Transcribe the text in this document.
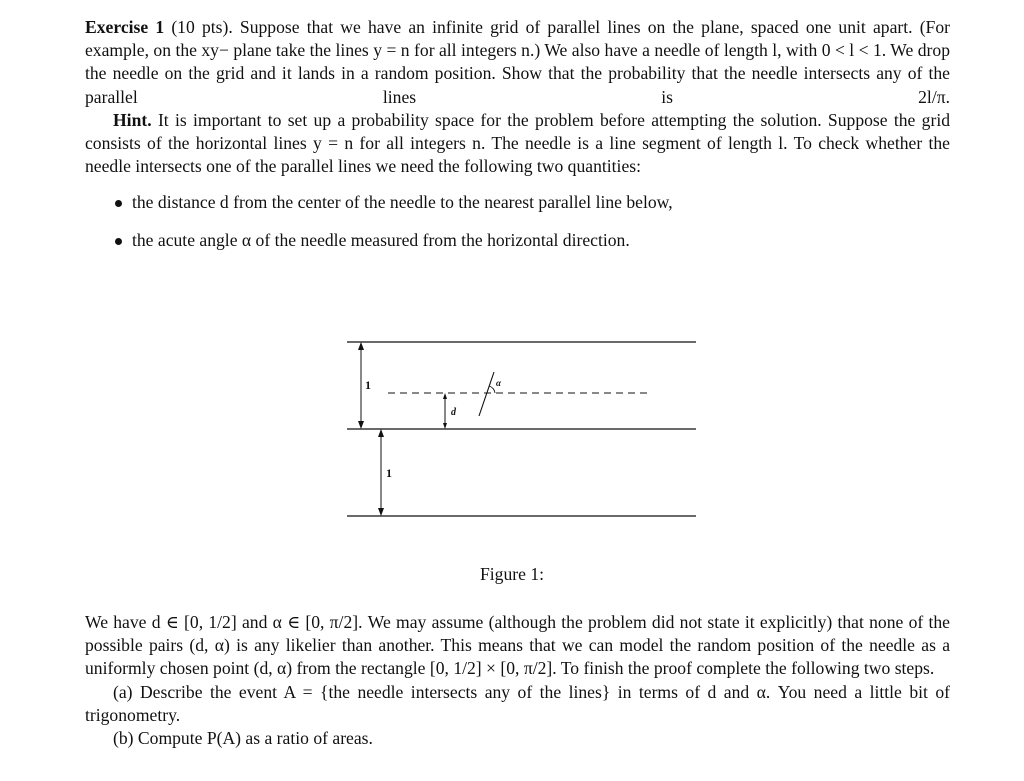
Exercise 1 (10 pts). Suppose that we have an infinite grid of parallel lines on the plane, spaced one unit apart. (For example, on the xy− plane take the lines y = n for all integers n.) We also have a needle of length l, with 0 < l < 1. We drop the needle on the grid and it lands in a random position. Show that the probability that the needle intersects any of the parallel lines is 2l/π.

Hint. It is important to set up a probability space for the problem before attempting the solution. Suppose the grid consists of the horizontal lines y = n for all integers n. The needle is a line segment of length l. To check whether the needle intersects one of the parallel lines we need the following two quantities:

the distance d from the center of the needle to the nearest parallel line below,
the acute angle α of the needle measured from the horizontal direction.
1
1
d
α
Figure 1:

We have d ∈ [0, 1/2] and α ∈ [0, π/2]. We may assume (although the problem did not state it explicitly) that none of the possible pairs (d, α) is any likelier than another. This means that we can model the random position of the needle as a uniformly chosen point (d, α) from the rectangle [0, 1/2] × [0, π/2]. To finish the proof complete the following two steps.

(a) Describe the event A = {the needle intersects any of the lines} in terms of d and α. You need a little bit of trigonometry.

(b) Compute P(A) as a ratio of areas.
